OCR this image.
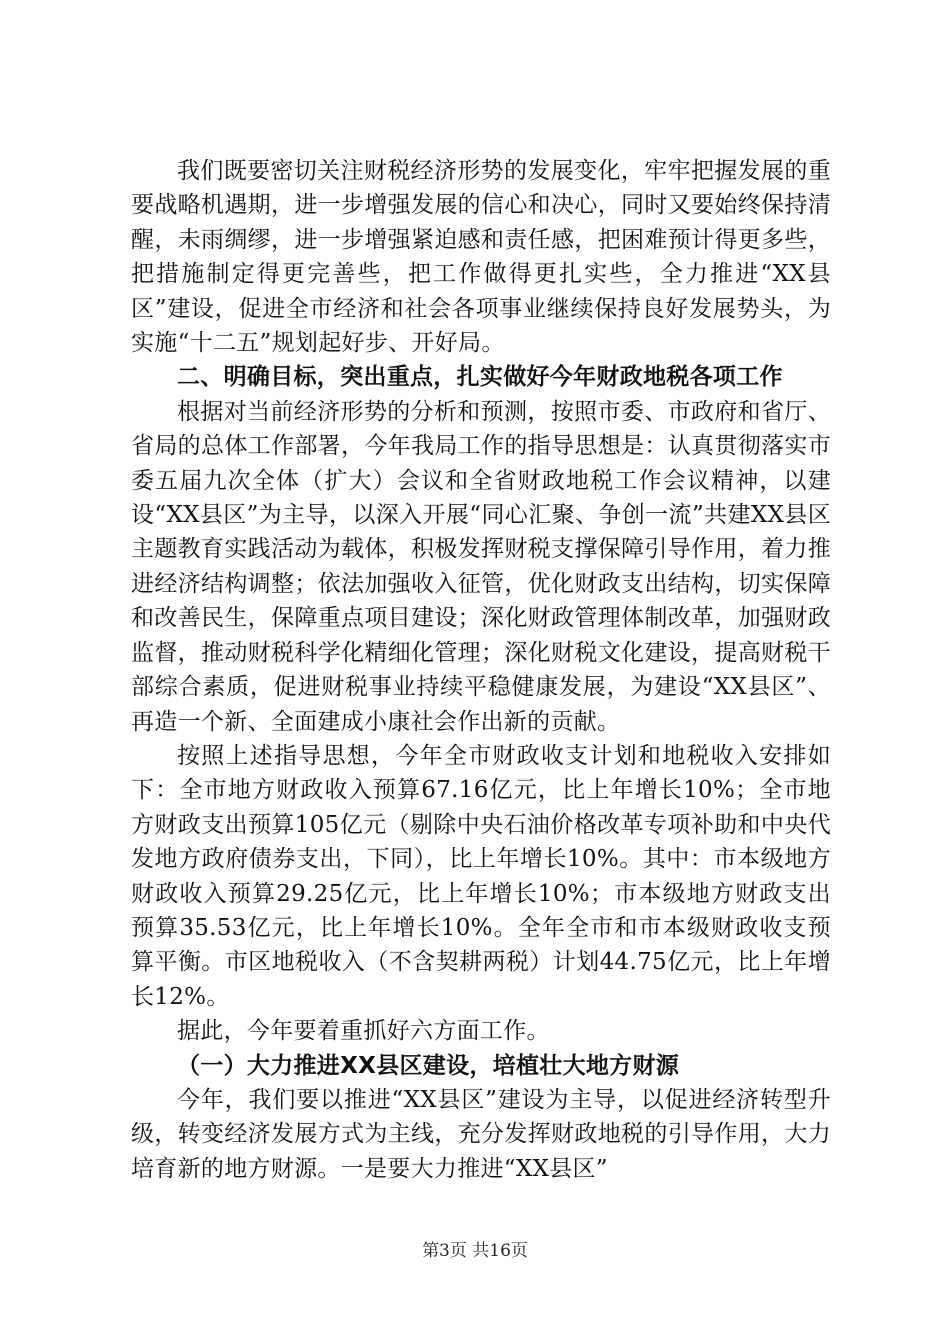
我们既要密切关注财税经济形势的发展变化，牢牢把握发展的重要战略机遇期，进一步增强发展的信心和决心，同时又要始终保持清醒，未雨绸缪，进一步增强紧迫感和责任感，把困难预计得更多些，把措施制定得更完善些，把工作做得更扎实些，全力推进“XX县区”建设，促进全市经济和社会各项事业继续保持良好发展势头，为实施“十二五”规划起好步、开好局。

二、明确目标，突出重点，扎实做好今年财政地税各项工作

根据对当前经济形势的分析和预测，按照市委、市政府和省厅、省局的总体工作部署，今年我局工作的指导思想是：认真贯彻落实市委五届九次全体（扩大）会议和全省财政地税工作会议精神，以建设“XX县区”为主导，以深入开展“同心汇聚、争创一流”共建XX县区主题教育实践活动为载体，积极发挥财税支撑保障引导作用，着力推进经济结构调整；依法加强收入征管，优化财政支出结构，切实保障和改善民生，保障重点项目建设；深化财政管理体制改革，加强财政监督，推动财税科学化精细化管理；深化财税文化建设，提高财税干部综合素质，促进财税事业持续平稳健康发展，为建设“XX县区”、再造一个新、全面建成小康社会作出新的贡献。

按照上述指导思想，今年全市财政收支计划和地税收入安排如下：全市地方财政收入预算67.16亿元，比上年增长10%；全市地方财政支出预算105亿元（剔除中央石油价格改革专项补助和中央代发地方政府债券支出，下同），比上年增长10%。其中：市本级地方财政收入预算29.25亿元，比上年增长10%；市本级地方财政支出预算35.53亿元，比上年增长10%。全年全市和市本级财政收支预算平衡。市区地税收入（不含契耕两税）计划44.75亿元，比上年增长12%。

据此，今年要着重抓好六方面工作。

（一）大力推进XX县区建设，培植壮大地方财源

今年，我们要以推进“XX县区”建设为主导，以促进经济转型升级，转变经济发展方式为主线，充分发挥财政地税的引导作用，大力培育新的地方财源。一是要大力推进“XX县区”

第3页 共16页
